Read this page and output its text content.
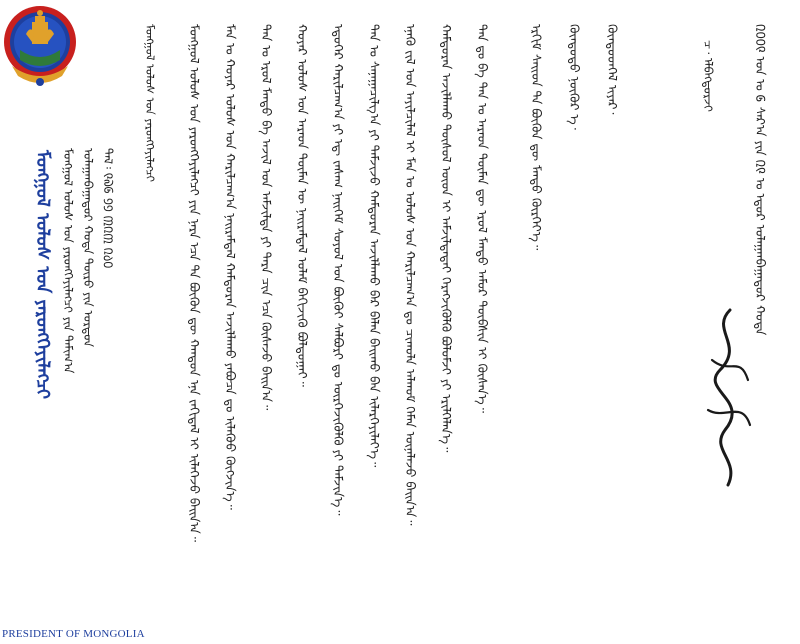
ᠮᠣᠩᠭᠣᠯ ᠤᠯᠤᠰ ᠤᠨ ᠶᠡᠷᠦᠩᠬᠡᠶᠢᠯᠡᠭᠴᠢ ᠮᠣᠩᠭᠣᠯ ᠤᠯᠤᠰ ᠤᠨ ᠶᠡᠷᠦᠩᠬᠡᠶᠢᠯᠡᠭᠴᠢ ᠶᠢᠨ ᠲᠠᠮᠢᠭ᠎ᠠ ᠤᠯᠠᠭᠠᠨᠪᠠᠭᠠᠲᠤᠷ ᠬᠣᠲᠠ ᠲᠥᠷᠦ ᠶᠢᠨ ᠣᠷᠳᠣᠨ ᠲᠡᠯ᠄ ᠙᠗᠖ ᠑᠑ ᠓᠒᠓ ᠒᠔᠐
ᠮᠣᠩᠭᠣᠯ ᠤᠯᠤᠰ ᠤᠨ ᠶᠡᠷᠦᠩᠬᠡᠶᠢᠯᠡᠭᠴᠢ ᠮᠣᠩᠭᠣᠯ ᠤᠯᠤᠰ ᠤᠨ ᠶᠡᠷᠦᠩᠬᠡᠶᠢᠯᠡᠭᠴᠢ ᠶᠢᠨ ᠨᠡᠷᠡ ᠡᠴᠡ ᠲᠠ ᠪᠦᠬᠦᠨ ᠳᠦ ᠬᠠᠨᠳᠤᠨ ᠡᠨᠡ ᠵᠠᠬᠢᠳᠠᠯ ᠢ ᠢᠯᠡᠭᠡᠵᠦ ᠪᠠᠢᠨ᠎ᠠ᠃ ᠮᠠᠨ ᠤ ᠬᠣᠶᠠᠷ ᠤᠯᠤᠰ ᠤᠨ ᠬᠠᠷᠢᠯᠴᠠᠭ᠎ᠠ ᠨᠠᠢᠷᠠᠮᠳᠠᠯ ᠬᠠᠮᠲᠤᠷᠠᠨ ᠠᠵᠢᠯᠯᠠᠬᠤ ᠶᠠᠪᠤᠴᠠ ᠳᠤ ᠢᠯᠡᠭᠦᠦ ᠬᠥᠭᠵᠢᠨ᠎ᠡ᠃ ᠲᠠᠨ ᠤ ᠡᠷᠦᠯ ᠮᠡᠨᠳᠦ ᠪᠠ ᠠᠵᠢᠯ ᠤᠨ ᠠᠮᠵᠢᠯᠲᠠ ᠶᠢ ᠲᠡᠷᠡ ᠴᠢᠨ ᠡᠴᠡ ᠬᠦᠰᠡᠵᠦ ᠪᠠᠢᠨ᠎ᠠ᠃ ᠬᠣᠶᠠᠷ ᠤᠯᠤᠰ ᠤᠨ ᠠᠷᠠᠳ ᠲᠦᠮᠡᠨ ᠦ ᠨᠠᠢᠷᠠᠮᠳᠠᠯ ᠤᠯᠠᠮ ᠪᠡᠬᠢᠵᠢᠬᠦ ᠪᠣᠯᠲᠤᠭᠠᠢ᠃ ᠡᠳᠦᠭᠡᠷ ᠬᠠᠷᠢᠯᠴᠠᠭ᠎ᠠ ᠶᠢ ᠡᠳ᠋ ᠵᠠᠰᠠᠭ ᠨᠡᠢᠭᠡᠮ ᠰᠣᠶᠣᠯ ᠤᠨ ᠪᠦᠬᠦᠢ ᠰᠠᠯᠪᠤᠷᠢ ᠳᠤ ᠥᠷᠭᠡᠵᠢᠭᠦᠯᠬᠦ ᠶᠢ ᠳᠡᠮᠵᠢᠨ᠎ᠡ᠃ ᠲᠠᠨ ᠤ ᠰᠠᠨᠠᠭᠠᠴᠢᠯᠭ᠎ᠠ ᠶᠢ ᠳᠡᠮᠵᠢᠵᠦ ᠬᠠᠮᠲᠤᠷᠠᠨ ᠠᠵᠢᠯᠯᠠᠬᠤ ᠪᠡᠷ ᠪᠡᠯᠡᠨ ᠪᠠᠢᠬᠤ ᠪᠠᠨ ᠢᠯᠡᠷᠬᠡᠶᠢᠯᠡᠶ᠎ᠡ᠃ ᠡᠨᠡᠬᠦ ᠵᠢᠯ ᠤᠨ ᠠᠶᠢᠯᠴᠢᠯᠠᠯ ᠢ ᠮᠠᠨ ᠤ ᠤᠯᠤᠰ ᠤᠨ ᠬᠠᠷᠢᠯᠴᠠᠭ᠎ᠠ ᠳᠤ ᠴᠢᠬᠤᠯᠠ ᠠᠯᠬᠤᠮ ᠬᠡᠮᠡᠨ ᠦᠨᠡᠯᠡᠵᠦ ᠪᠠᠢᠨ᠎ᠠ᠃ ᠬᠠᠮᠲᠤᠷᠠᠨ ᠠᠵᠢᠯᠯᠠᠬᠤ ᠲᠥᠰᠥᠯ ᠦᠳ ᠢ ᠠᠮᠵᠢᠯᠲᠠᠲᠠᠢ ᠬᠡᠷᠡᠭᠵᠢᠭᠦᠯᠬᠦ ᠪᠣᠯᠣᠮᠵᠢ ᠶᠢ ᠡᠷᠢᠯᠬᠡᠯᠡᠨ᠎ᠡ᠃ ᠲᠠᠨ ᠳᠤ ᠪᠠ ᠲᠠᠨ ᠤ ᠠᠷᠠᠳ ᠲᠦᠮᠡᠨ ᠳᠦ ᠡᠷᠦᠯ ᠮᠡᠨᠳᠦ ᠠᠮᠤᠷ ᠲᠦᠪᠰᠢᠨ ᠢ ᠬᠦᠰᠡᠨ᠎ᠡ᠃	ᠡᠷᠬᠢᠮ ᠰᠠᠢᠳ ᠲᠠ ᠪᠦᠬᠦᠨ ᠳᠦ ᠮᠡᠨᠳᠦ ᠬᠦᠷᠭᠡᠶ᠎ᠡ᠃ ᠬᠦᠨᠳᠦᠳᠦ ᠨᠥᠬᠦᠷ ᠡ᠂ ᠬᠦᠨᠳᠦᠳᠬᠡᠯ ᠢᠶᠡᠷ᠂	ᠴ᠂ ᠡᠯᠪᠡᠭᠳᠣᠷᠵᠢ	᠒᠐᠐᠙ ᠣᠨ ᠤ ᠖ ᠰᠠᠷ᠎ᠠ ᠶᠢᠨ ᠒᠙ ᠤ ᠡᠳᠦᠷ ᠤᠯᠠᠭᠠᠨᠪᠠᠭᠠᠲᠤᠷ ᠬᠣᠲᠠ
PRESIDENT OF MONGOLIA
